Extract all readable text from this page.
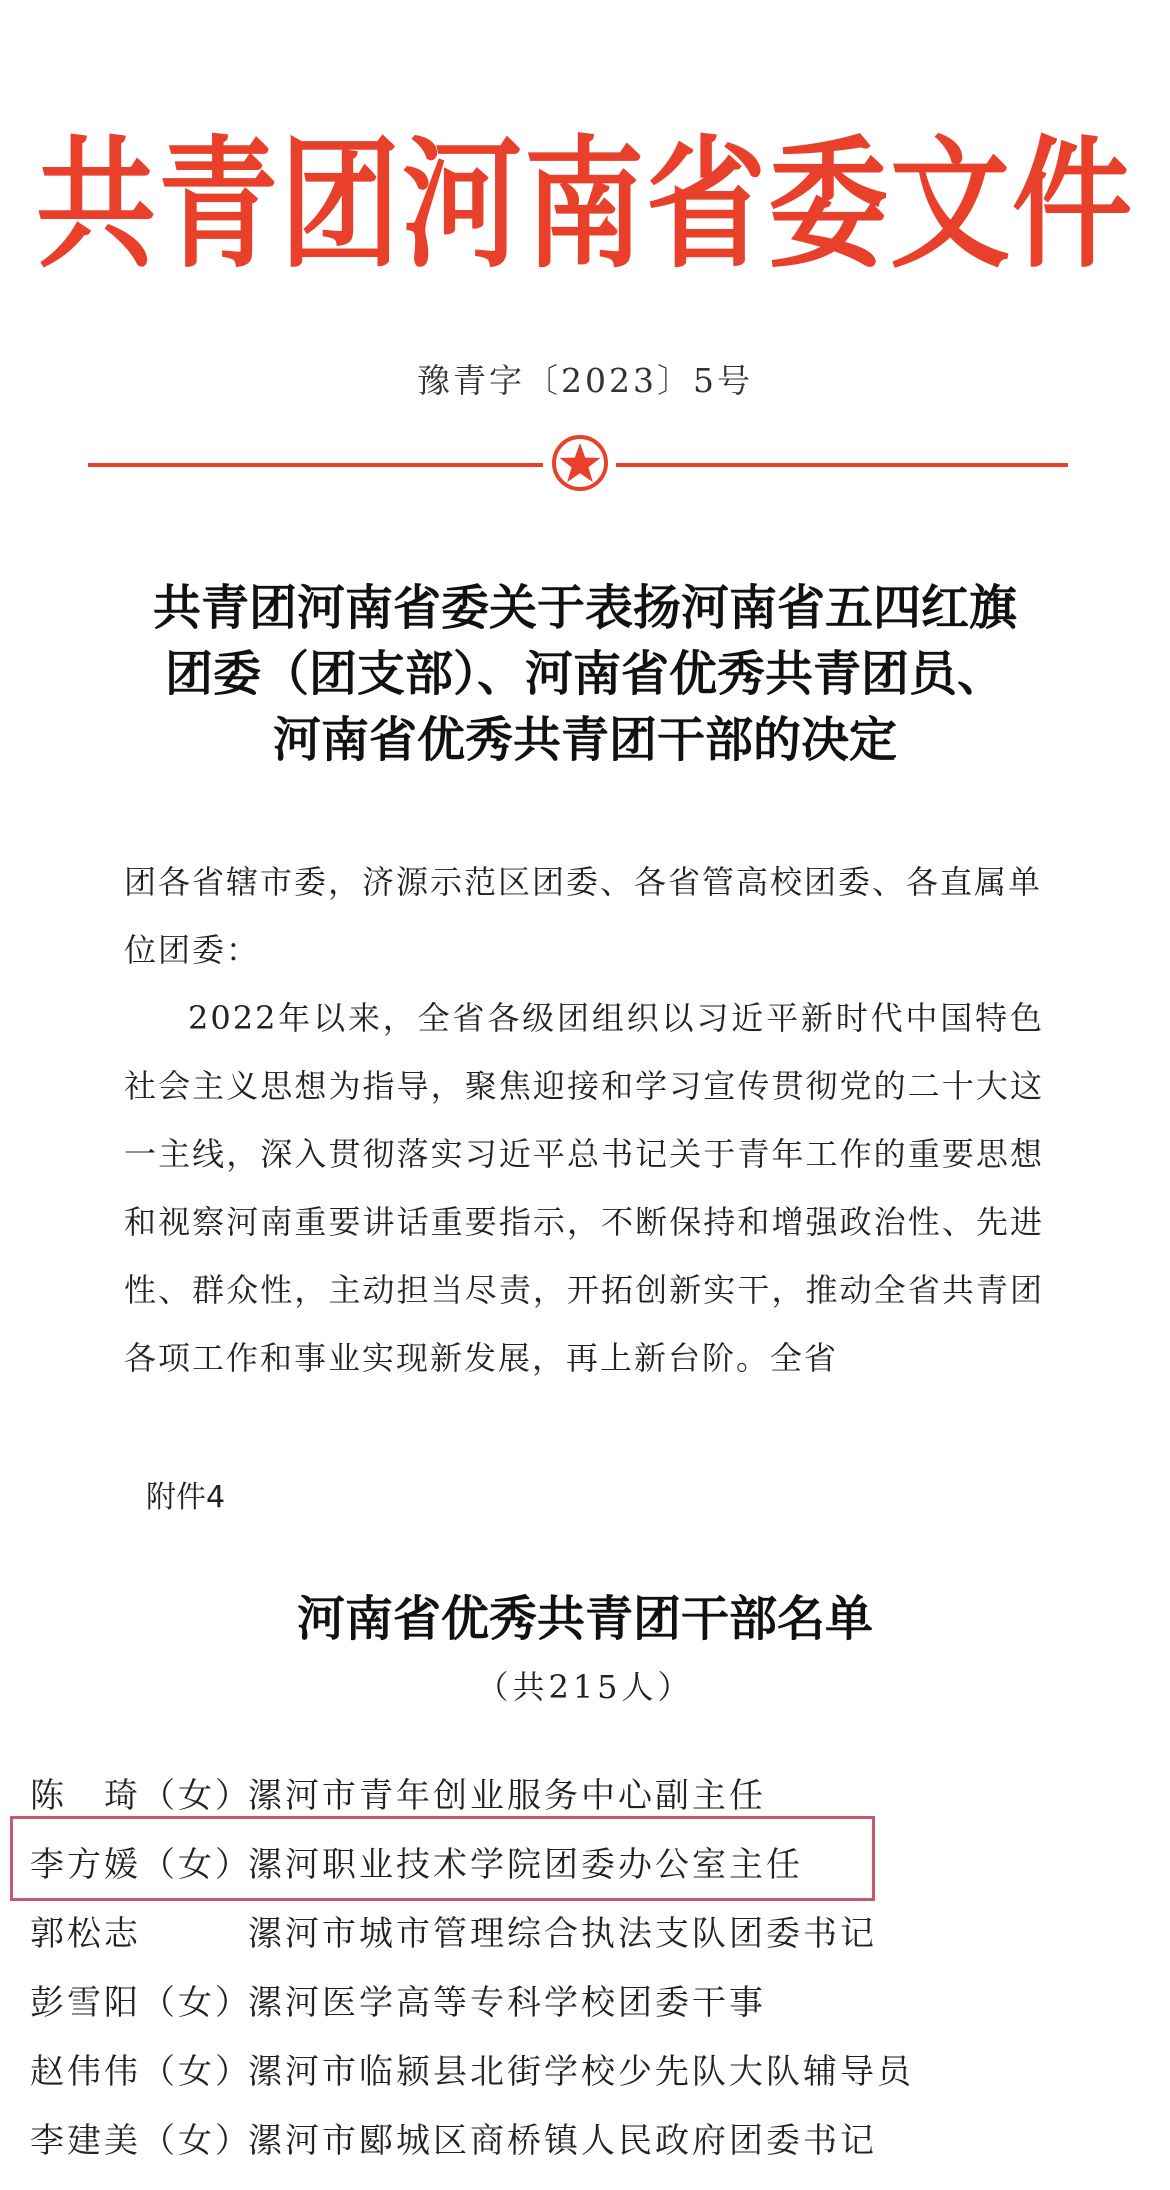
共青团河南省委文件
豫青字〔2023〕5号
共青团河南省委关于表扬河南省五四红旗
团委（团支部）、河南省优秀共青团员、
河南省优秀共青团干部的决定

团各省辖市委，济源示范区团委、各省管高校团委、各直属单位团委：

2022年以来，全省各级团组织以习近平新时代中国特色社会主义思想为指导，聚焦迎接和学习宣传贯彻党的二十大这一主线，深入贯彻落实习近平总书记关于青年工作的重要思想和视察河南重要讲话重要指示，不断保持和增强政治性、先进性、群众性，主动担当尽责，开拓创新实干，推动全省共青团各项工作和事业实现新发展，再上新台阶。全省

附件4
河南省优秀共青团干部名单
（共215人）
陈　琦（女）
漯河市青年创业服务中心副主任
李方媛（女）
漯河职业技术学院团委办公室主任
郭松志	漯河市城市管理综合执法支队团委书记
彭雪阳（女）
漯河医学高等专科学校团委干事
赵伟伟（女）
漯河市临颍县北街学校少先队大队辅导员
李建美（女）
漯河市郾城区商桥镇人民政府团委书记
